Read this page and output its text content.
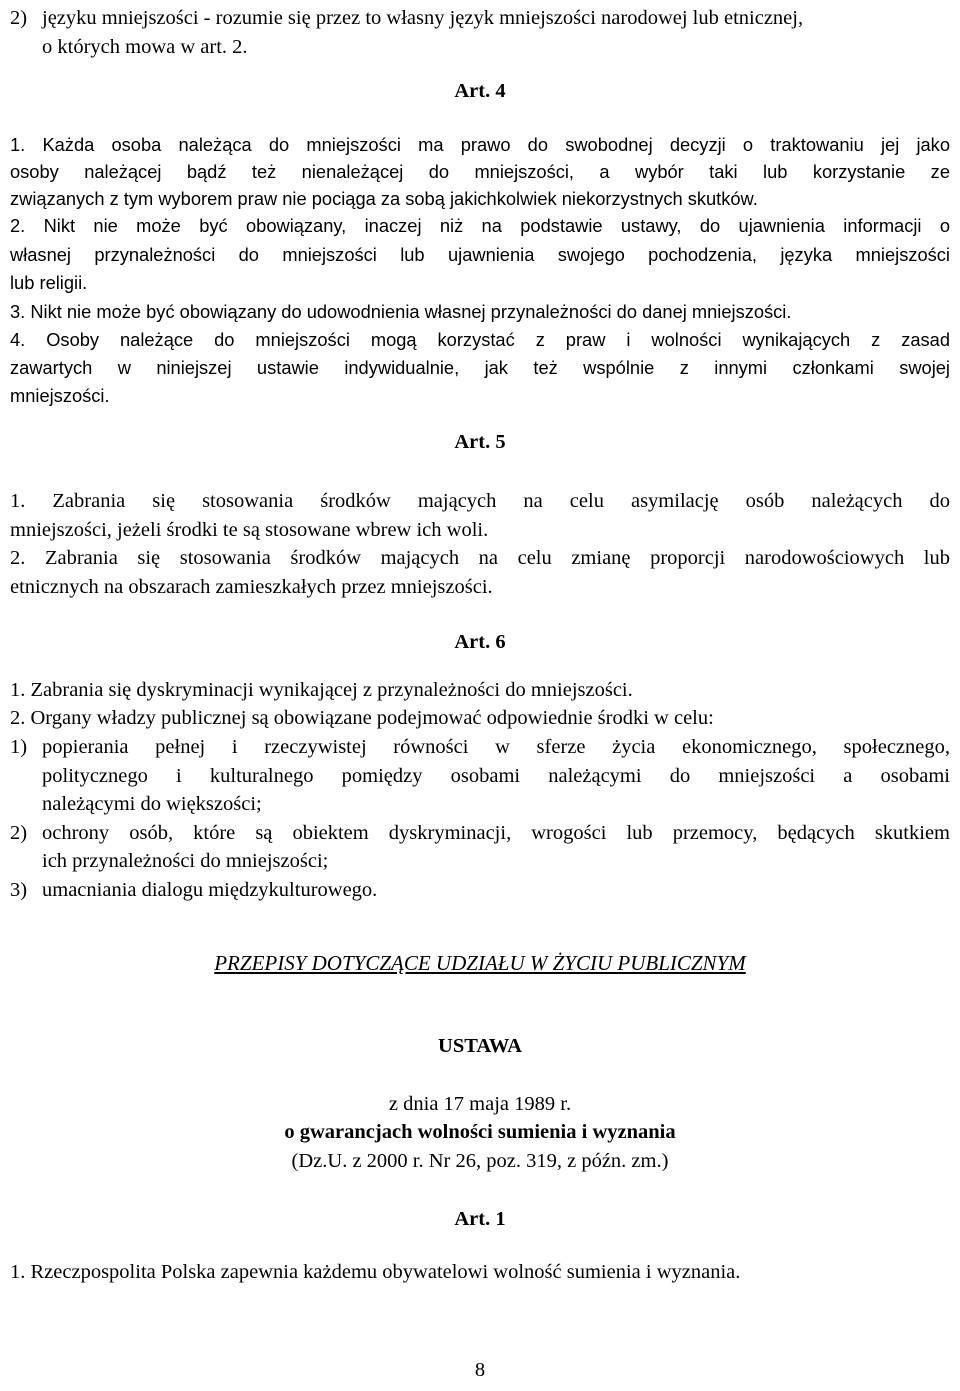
2) języku mniejszości - rozumie się przez to własny język mniejszości narodowej lub etnicznej,
o których mowa w art. 2.
Art. 4
1. Każda osoba należąca do mniejszości ma prawo do swobodnej decyzji o traktowaniu jej jako
osoby należącej bądź też nienależącej do mniejszości, a wybór taki lub korzystanie ze
związanych z tym wyborem praw nie pociąga za sobą jakichkolwiek niekorzystnych skutków.
2. Nikt nie może być obowiązany, inaczej niż na podstawie ustawy, do ujawnienia informacji o
własnej przynależności do mniejszości lub ujawnienia swojego pochodzenia, języka mniejszości
lub religii.
3. Nikt nie może być obowiązany do udowodnienia własnej przynależności do danej mniejszości.
4. Osoby należące do mniejszości mogą korzystać z praw i wolności wynikających z zasad
zawartych w niniejszej ustawie indywidualnie, jak też wspólnie z innymi członkami swojej
mniejszości.
Art. 5
1. Zabrania się stosowania środków mających na celu asymilację osób należących do
mniejszości, jeżeli środki te są stosowane wbrew ich woli.
2. Zabrania się stosowania środków mających na celu zmianę proporcji narodowościowych lub
etnicznych na obszarach zamieszkałych przez mniejszości.
Art. 6
1. Zabrania się dyskryminacji wynikającej z przynależności do mniejszości.
2. Organy władzy publicznej są obowiązane podejmować odpowiednie środki w celu:
1) popierania pełnej i rzeczywistej równości w sferze życia ekonomicznego, społecznego,
politycznego i kulturalnego pomiędzy osobami należącymi do mniejszości a osobami
należącymi do większości;
2) ochrony osób, które są obiektem dyskryminacji, wrogości lub przemocy, będących skutkiem
ich przynależności do mniejszości;
3) umacniania dialogu międzykulturowego.
PRZEPISY DOTYCZĄCE UDZIAŁU W ŻYCIU PUBLICZNYM
USTAWA
z dnia 17 maja 1989 r.
o gwarancjach wolności sumienia i wyznania
(Dz.U. z 2000 r. Nr 26, poz. 319, z późn. zm.)
Art. 1
1. Rzeczpospolita Polska zapewnia każdemu obywatelowi wolność sumienia i wyznania.
8
